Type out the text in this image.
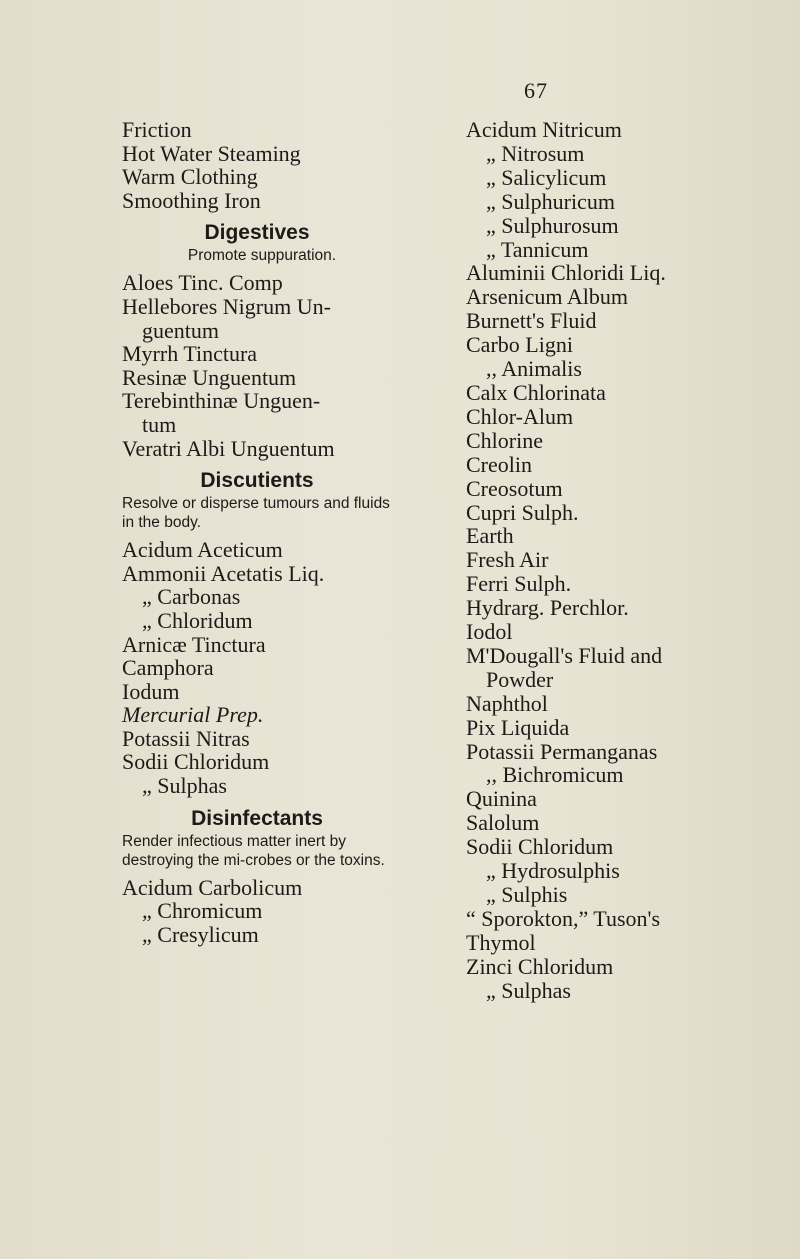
67
Friction
Hot Water Steaming
Warm Clothing
Smoothing Iron
Digestives
Promote suppuration.
Aloes Tinc. Comp
Hellebores Nigrum Un-
guentum
Myrrh Tinctura
Resinæ Unguentum
Terebinthinæ Unguen-
tum
Veratri Albi Unguentum
Discutients
Resolve or disperse tumours and fluids in the body.
Acidum Aceticum
Ammonii Acetatis Liq.
„ Carbonas
„ Chloridum
Arnicæ Tinctura
Camphora
Iodum
Mercurial Prep.
Potassii Nitras
Sodii Chloridum
„ Sulphas
Disinfectants
Render infectious matter inert by destroying the mi-crobes or the toxins.
Acidum Carbolicum
„ Chromicum
„ Cresylicum
Acidum Nitricum
„ Nitrosum
„ Salicylicum
„ Sulphuricum
„ Sulphurosum
„ Tannicum
Aluminii Chloridi Liq.
Arsenicum Album
Burnett's Fluid
Carbo Ligni
,, Animalis
Calx Chlorinata
Chlor-Alum
Chlorine
Creolin
Creosotum
Cupri Sulph.
Earth
Fresh Air
Ferri Sulph.
Hydrarg. Perchlor.
Iodol
M'Dougall's Fluid and
Powder
Naphthol
Pix Liquida
Potassii Permanganas
,, Bichromicum
Quinina
Salolum
Sodii Chloridum
„ Hydrosulphis
„ Sulphis
“ Sporokton,” Tuson's
Thymol
Zinci Chloridum
„ Sulphas
